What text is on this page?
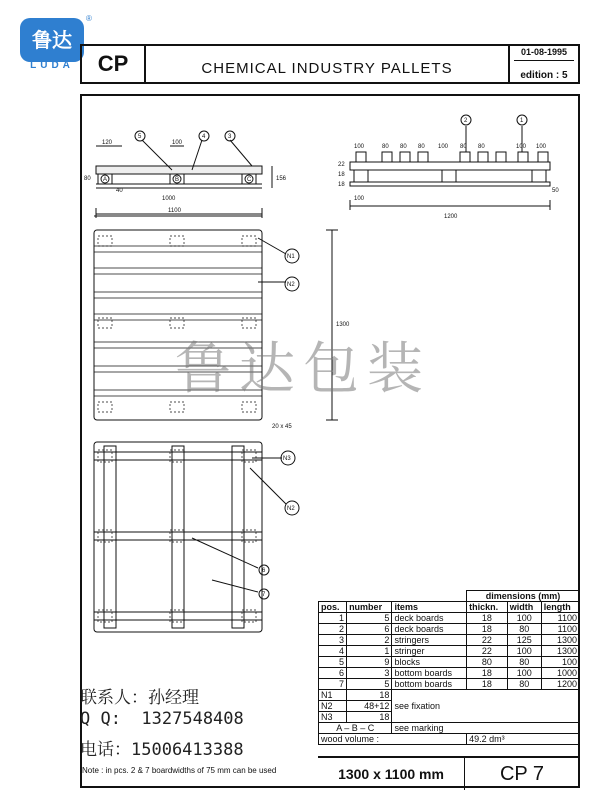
鲁达
LUDA
®
CP	CHEMICAL INDUSTRY PALLETS
01-08-1995
edition : 5
120	100
1000
1100
40
80	156
100	80 80 80 100 80 80	100 100
1200
50
22
18
18
100
1300
20 x 45
5	4	3
2	1
A	B	C
N1
N2
N3
N2
6
7
			dimensions (mm)		
pos.	number	items	thickn.	width	length
1	5	deck boards	18	100	1100
2	6	deck boards	18	80	1100
3	2	stringers	22	125	1300
4	1	stringer	22	100	1300
5	9	blocks	80	80	100
6	3	bottom boards	18	100	1000
7	5	bottom boards	18	80	1200
N1	18				
N2	48+12	see fixation			
N3	18				
A – B – C		see marking			
wood volume :			49.2 dm³		
Note : in pcs. 2 & 7 boardwidths of 75 mm can be used	1300 x 1100 mm	CP 7
鲁达包装
联系人：孙经理
Q Q:  1327548408
电话：15006413388
